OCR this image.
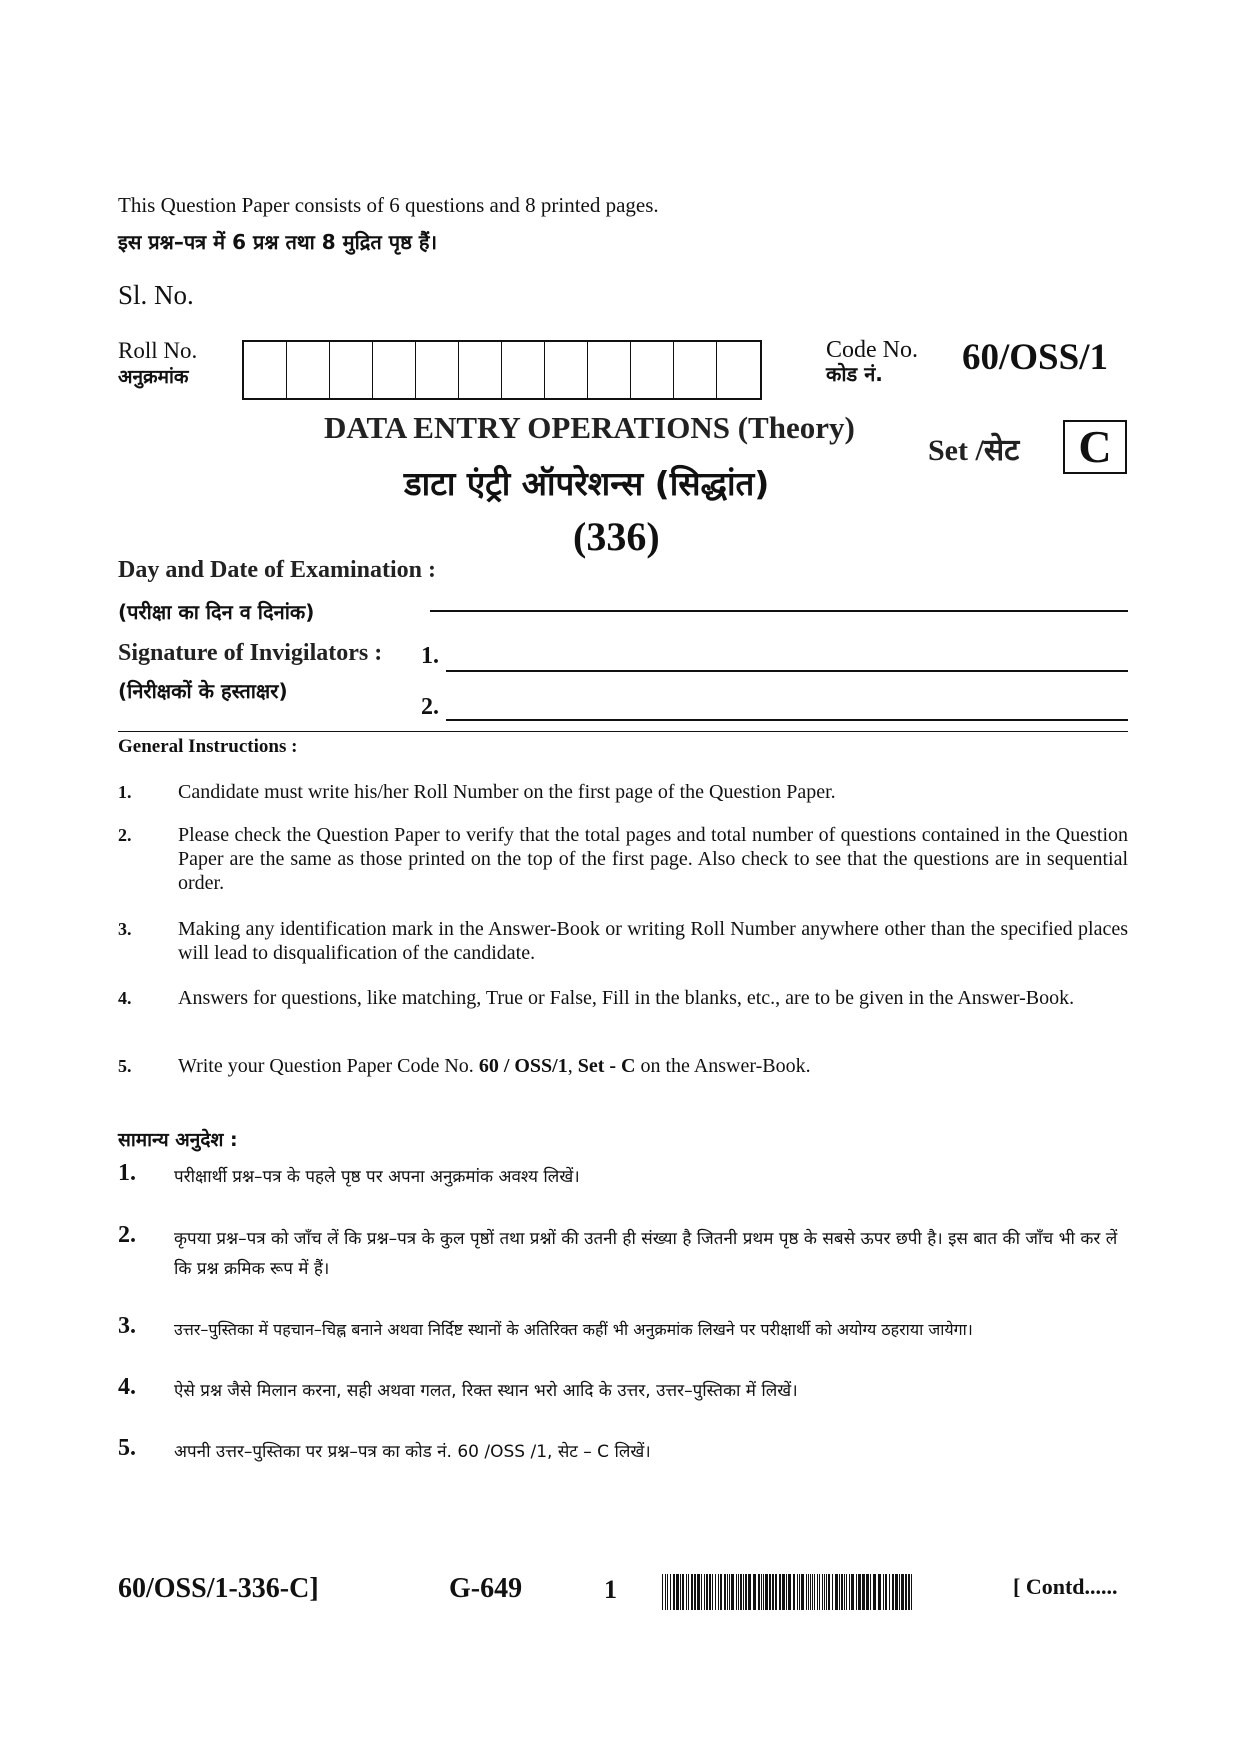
This Question Paper consists of 6 questions and 8 printed pages.
इस प्रश्न–पत्र में 6 प्रश्न तथा 8 मुद्रित पृष्ठ हैं।
Sl. No.
Roll No.
अनुक्रमांक
Code No.
कोड नं.	60/OSS/1
DATA ENTRY OPERATIONS (Theory)
डाटा एंट्री ऑपरेशन्स (सिद्धांत)
(336)
Set /सेट	C
Day and Date of Examination :
(परीक्षा का दिन व दिनांक)
Signature of Invigilators :
(निरीक्षकों के हस्ताक्षर)
1.
2.
General Instructions :
1. Candidate must write his/her Roll Number on the first page of the Question Paper.
2. Please check the Question Paper to verify that the total pages and total number of questions contained in the Question Paper are the same as those printed on the top of the first page. Also check to see that the questions are in sequential order.
3. Making any identification mark in the Answer-Book or writing Roll Number anywhere other than the specified places will lead to disqualification of the candidate.
4. Answers for questions, like matching, True or False, Fill in the blanks, etc., are to be given in the Answer-Book.
5. Write your Question Paper Code No. 60 / OSS/1, Set - C on the Answer-Book.
सामान्य अनुदेश :
1. परीक्षार्थी प्रश्न–पत्र के पहले पृष्ठ पर अपना अनुक्रमांक अवश्य लिखें।
2. कृपया प्रश्न–पत्र को जाँच लें कि प्रश्न–पत्र के कुल पृष्ठों तथा प्रश्नों की उतनी ही संख्या है जितनी प्रथम पृष्ठ के सबसे ऊपर छपी है। इस बात की जाँच भी कर लें कि प्रश्न क्रमिक रूप में हैं।
3. उत्तर–पुस्तिका में पहचान–चिह्न बनाने अथवा निर्दिष्ट स्थानों के अतिरिक्त कहीं भी अनुक्रमांक लिखने पर परीक्षार्थी को अयोग्य ठहराया जायेगा।
4. ऐसे प्रश्न जैसे मिलान करना, सही अथवा गलत, रिक्त स्थान भरो आदि के उत्तर, उत्तर–पुस्तिका में लिखें।
5. अपनी उत्तर–पुस्तिका पर प्रश्न–पत्र का कोड नं. 60 /OSS /1, सेट – C लिखें।
60/OSS/1-336-C]	G-649	1	[ Contd......
